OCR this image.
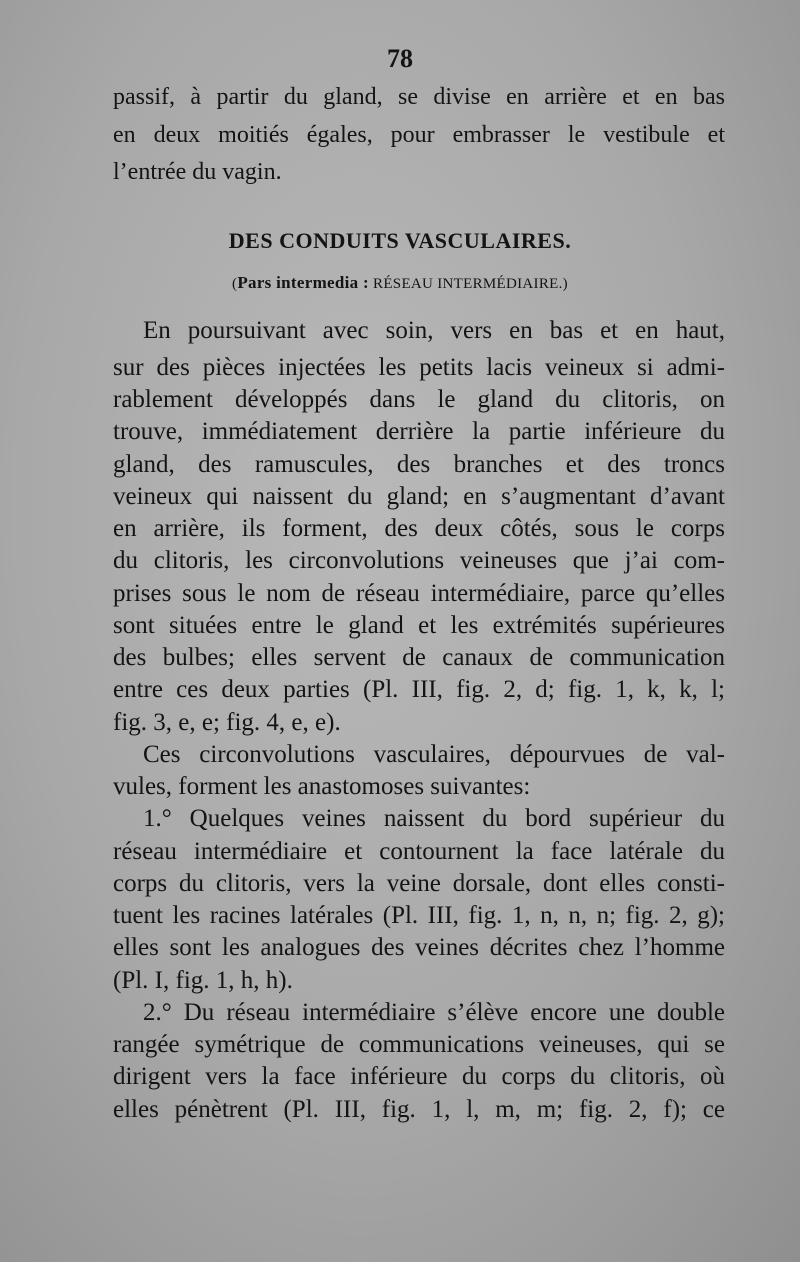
78
passif, à partir du gland, se divise en arrière et en bas
en deux moitiés égales, pour embrasser le vestibule et
l’entrée du vagin.
DES CONDUITS VASCULAIRES.
(Pars intermedia : RÉSEAU INTERMÉDIAIRE.)
En poursuivant avec soin, vers en bas et en haut,
sur des pièces injectées les petits lacis veineux si admi-
rablement développés dans le gland du clitoris, on
trouve, immédiatement derrière la partie inférieure du
gland, des ramuscules, des branches et des troncs
veineux qui naissent du gland; en s’augmentant d’avant
en arrière, ils forment, des deux côtés, sous le corps
du clitoris, les circonvolutions veineuses que j’ai com-
prises sous le nom de réseau intermédiaire, parce qu’elles
sont situées entre le gland et les extrémités supérieures
des bulbes; elles servent de canaux de communication
entre ces deux parties (Pl. III, fig. 2, d; fig. 1, k, k, l;
fig. 3, e, e; fig. 4, e, e).
Ces circonvolutions vasculaires, dépourvues de val-
vules, forment les anastomoses suivantes:
1.° Quelques veines naissent du bord supérieur du
réseau intermédiaire et contournent la face latérale du
corps du clitoris, vers la veine dorsale, dont elles consti-
tuent les racines latérales (Pl. III, fig. 1, n, n, n; fig. 2, g);
elles sont les analogues des veines décrites chez l’homme
(Pl. I, fig. 1, h, h).
2.° Du réseau intermédiaire s’élève encore une double
rangée symétrique de communications veineuses, qui se
dirigent vers la face inférieure du corps du clitoris, où
elles pénètrent (Pl. III, fig. 1, l, m, m; fig. 2, f); ce
